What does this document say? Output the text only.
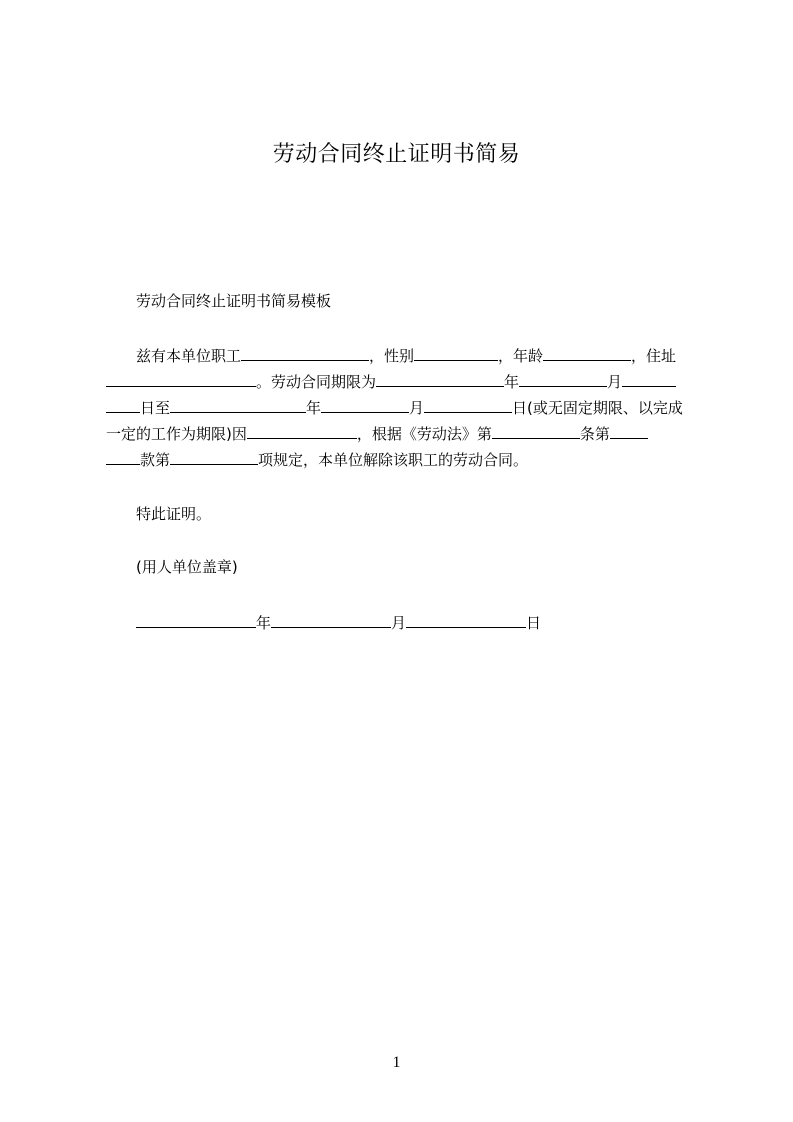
劳动合同终止证明书简易
劳动合同终止证明书简易模板
兹有本单位职工	，性别	，年龄	，住址
。劳动合同期限为	年	月
日至	年	月	日(或无固定期限、以完成
一定的工作为期限)因	，根据《劳动法》第	条第
款第	项规定，本单位解除该职工的劳动合同。
特此证明。
(用人单位盖章)
年	月	日
1
